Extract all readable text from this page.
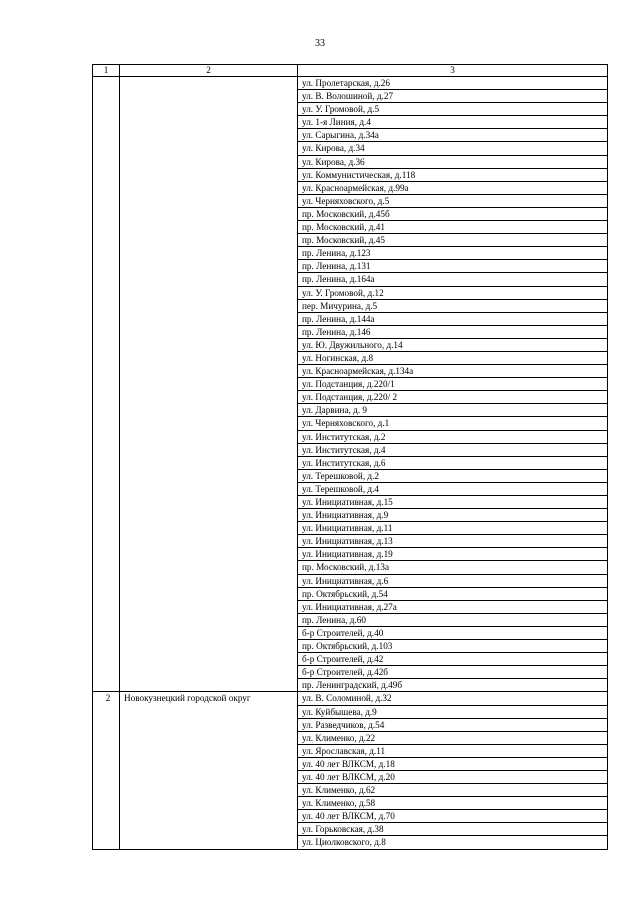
33
1	2	3
		ул. Пролетарская, д.26
		ул. В. Волошиной, д.27
		ул. У. Громовой, д.5
		ул. 1-я Линия, д.4
		ул. Сарыгина, д.34а
		ул. Кирова, д.34
		ул. Кирова, д.36
		ул. Коммунистическая, д.118
		ул. Красноармейская, д.99а
		ул. Черняховского, д.5
		пр. Московский, д.45б
		пр. Московский, д.41
		пр. Московский, д.45
		пр. Ленина, д.123
		пр. Ленина, д.131
		пр. Ленина, д.164а
		ул. У. Громовой, д.12
		пер. Мичурина, д.5
		пр. Ленина, д.144а
		пр. Ленина, д.146
		ул. Ю. Двужильного, д.14
		ул. Ногинская, д.8
		ул. Красноармейская, д.134а
		ул. Подстанция, д.220/1
		ул. Подстанция, д.220/ 2
		ул. Дарвина, д. 9
		ул. Черняховского, д.1
		ул. Институтская, д.2
		ул. Институтская, д.4
		ул. Институтская, д.6
		ул. Терешковой, д.2
		ул. Терешковой, д.4
		ул. Инициативная, д.15
		ул. Инициативная, д.9
		ул. Инициативная, д.11
		ул. Инициативная, д.13
		ул. Инициативная, д.19
		пр. Московский, д.13а
		ул. Инициативная, д.6
		пр. Октябрьский, д.54
		ул. Инициативная, д.27а
		пр. Ленина, д.60
		б-р Строителей, д.40
		пр. Октябрьский, д.103
		б-р Строителей, д.42
		б-р Строителей, д.42б
		пр. Ленинградский, д.49б
2	Новокузнецкий городской округ	ул. В. Соломиной, д.32
		ул. Куйбышева, д.9
		ул. Разведчиков, д.54
		ул. Клименко, д.22
		ул. Ярославская, д.11
		ул. 40 лет ВЛКСМ, д.18
		ул. 40 лет ВЛКСМ, д.20
		ул. Клименко, д.62
		ул. Клименко, д.58
		ул. 40 лет ВЛКСМ, д.70
		ул. Горьковская, д.38
		ул. Циолковского, д.8
